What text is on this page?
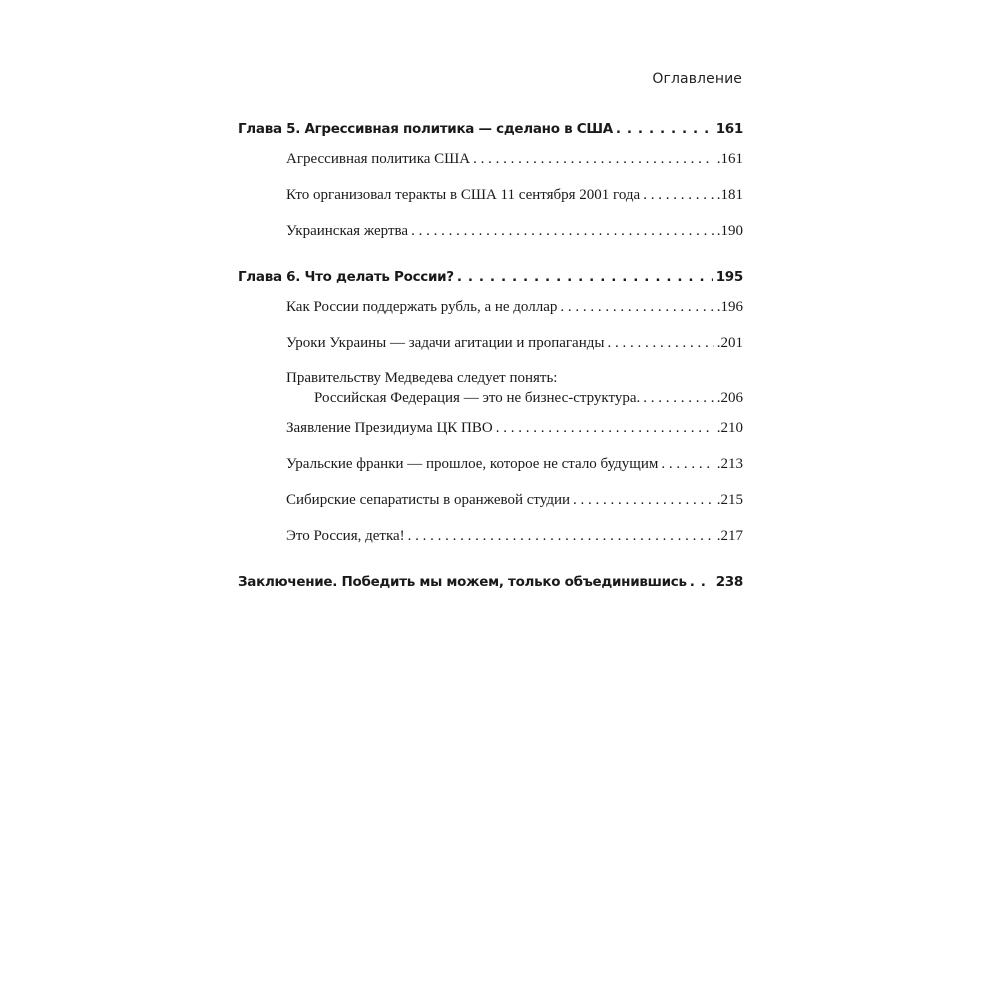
Оглавление
Глава 5. Агрессивная политика — сделано в США . . .	161
Агрессивная политика США . . .	.161
Кто организовал теракты в США 11 сентября 2001 года . . .	.181
Украинская жертва . . .	.190
Глава 6. Что делать России? . . .	195
Как России поддержать рубль, а не доллар . . .	.196
Уроки Украины — задачи агитации и пропаганды . . .	.201
Правительству Медведева следует понять:
Российская Федерация — это не бизнес-структура. . . .	.206
Заявление Президиума ЦК ПВО . . .	.210
Уральские франки — прошлое, которое не стало будущим . . .	.213
Сибирские сепаратисты в оранжевой студии . . .	.215
Это Россия, детка! . . .	.217
Заключение. Победить мы можем, только объединившись . . . 238
